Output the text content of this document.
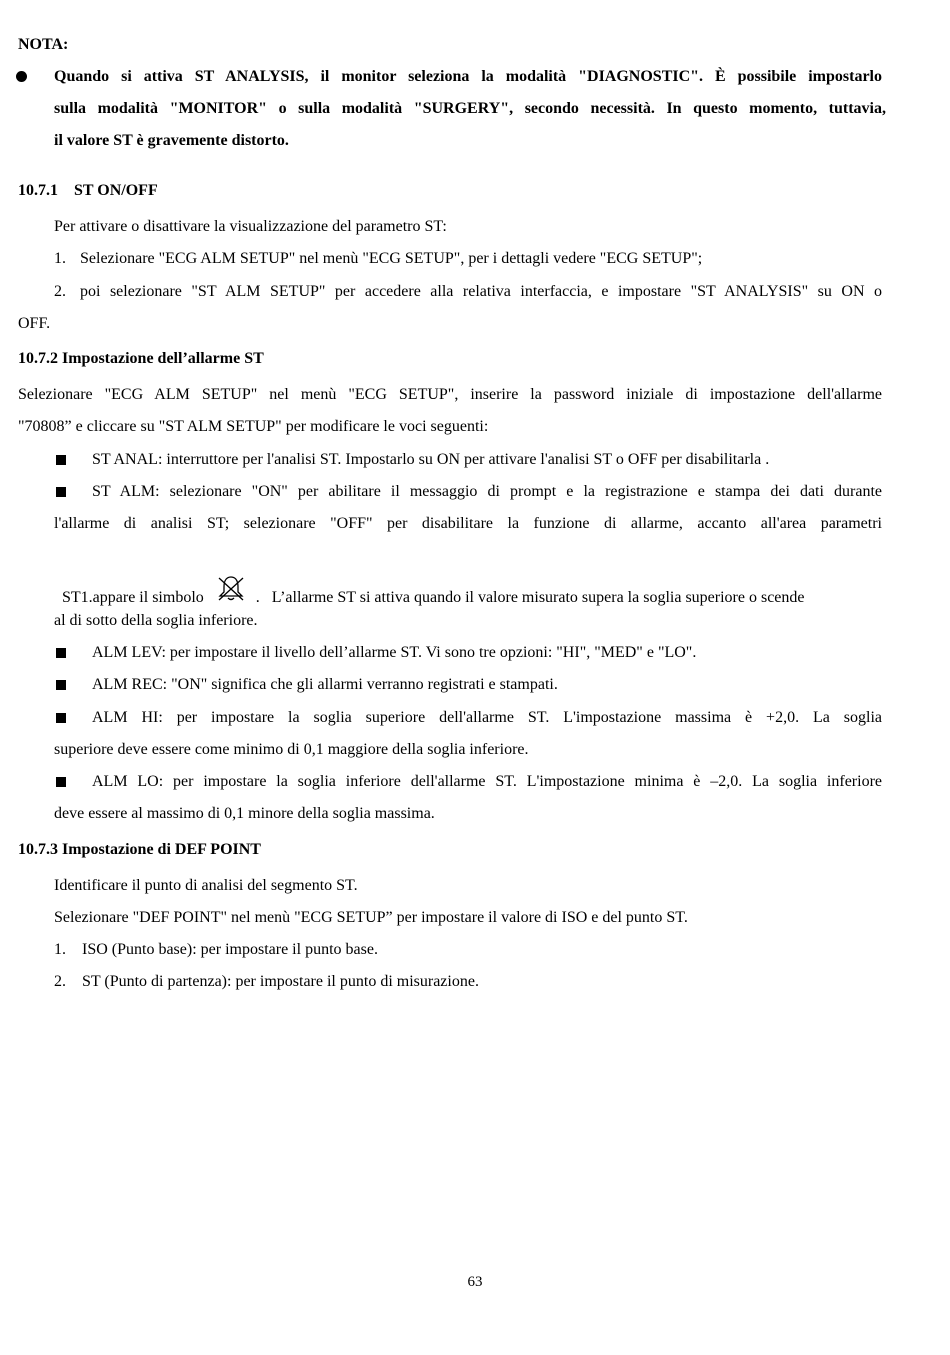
NOTA:
Quando si attiva ST ANALYSIS, il monitor seleziona la modalità "DIAGNOSTIC". È possibile impostarlo
sulla modalità "MONITOR" o sulla modalità "SURGERY", secondo necessità. In questo momento, tuttavia,
il valore ST è gravemente distorto.
10.7.1    ST ON/OFF
Per attivare o disattivare la visualizzazione del parametro ST:
1. Selezionare "ECG ALM SETUP" nel menù "ECG SETUP", per i dettagli vedere "ECG SETUP";
2. poi selezionare "ST ALM SETUP" per accedere alla relativa interfaccia, e impostare "ST ANALYSIS" su ON o
OFF.
10.7.2 Impostazione dell’allarme ST
Selezionare "ECG ALM SETUP" nel menù "ECG SETUP", inserire la password iniziale di impostazione dell'allarme
"70808” e cliccare su "ST ALM SETUP" per modificare le voci seguenti:
ST ANAL: interruttore per l'analisi ST. Impostarlo su ON per attivare l'analisi ST o OFF per disabilitarla .
ST ALM: selezionare "ON" per abilitare il messaggio di prompt e la registrazione e stampa dei dati durante
l'allarme di analisi ST; selezionare "OFF" per disabilitare la funzione di allarme, accanto all'area parametri

ST1.appare il simbolo	.   L’allarme ST si attiva quando il valore misurato supera la soglia superiore o scende

al di sotto della soglia inferiore.
ALM LEV: per impostare il livello dell’allarme ST. Vi sono tre opzioni: "HI", "MED" e "LO".
ALM REC: "ON" significa che gli allarmi verranno registrati e stampati.
ALM HI: per impostare la soglia superiore dell'allarme ST. L'impostazione massima è +2,0. La soglia
superiore deve essere come minimo di 0,1 maggiore della soglia inferiore.
ALM LO: per impostare la soglia inferiore dell'allarme ST. L'impostazione minima è –2,0. La soglia inferiore
deve essere al massimo di 0,1 minore della soglia massima.
10.7.3 Impostazione di DEF POINT
Identificare il punto di analisi del segmento ST.
Selezionare "DEF POINT" nel menù "ECG SETUP” per impostare il valore di ISO e del punto ST.
1. ISO (Punto base): per impostare il punto base.
2. ST (Punto di partenza): per impostare il punto di misurazione.
63
